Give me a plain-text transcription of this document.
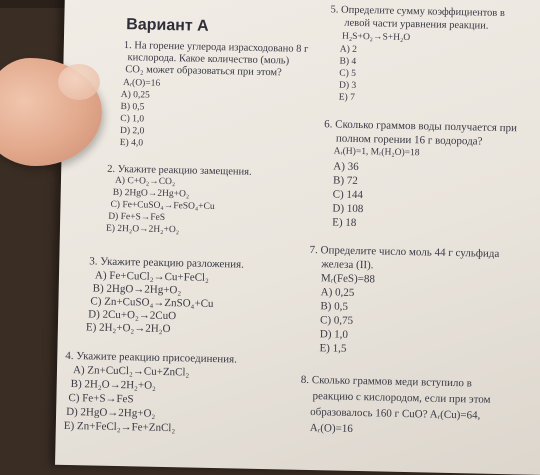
Вариант А
1. На горение углерода израсходовано 8 г
кислорода. Какое количество (моль)
CO₂ может образоваться при этом?
Aᵣ(O)=16
A) 0,25
B) 0,5
C) 1,0
D) 2,0
E) 4,0
2. Укажите реакцию замещения.
A) C+O₂→CO₂
B) 2HgO→2Hg+O₂
C) Fe+CuSO₄→FeSO₄+Cu
D) Fe+S→FeS
E) 2H₂O→2H₂+O₂
3. Укажите реакцию разложения.
A) Fe+CuCl₂→Cu+FeCl₂
B) 2HgO→2Hg+O₂
C) Zn+CuSO₄→ZnSO₄+Cu
D) 2Cu+O₂→2CuO
E) 2H₂+O₂→2H₂O
4. Укажите реакцию присоединения.
A) Zn+CuCl₂→Cu+ZnCl₂
B) 2H₂O→2H₂+O₂
C) Fe+S→FeS
D) 2HgO→2Hg+O₂
E) Zn+FeCl₂→Fe+ZnCl₂
5. Определите сумму коэффициентов в
левой части уравнения реакции.
H₂S+O₂→S+H₂O
A) 2
B) 4
C) 5
D) 3
E) 7
6. Сколько граммов воды получается при
полном горении 16 г водорода?
Aᵣ(H)=1, Mᵣ(H₂O)=18
A) 36
B) 72
C) 144
D) 108
E) 18
7. Определите число моль 44 г сульфида
железа (II).
Mᵣ(FeS)=88
A) 0,25
B) 0,5
C) 0,75
D) 1,0
E) 1,5
8. Сколько граммов меди вступило в
реакцию с кислородом, если при этом
образовалось 160 г CuO? Aᵣ(Cu)=64,
Aᵣ(O)=16
